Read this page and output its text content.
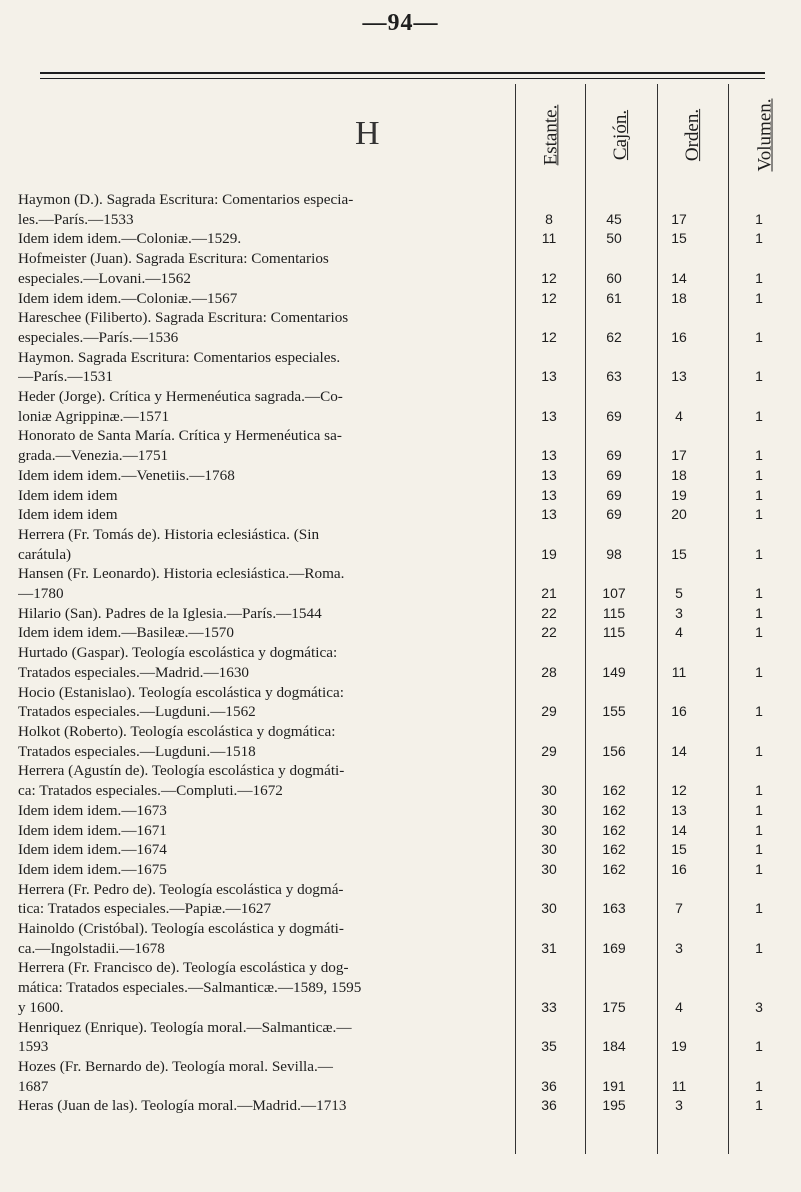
—94—
H	Estante.	Cajón.	Orden.	Volumen.
Haymon (D.). Sagrada Escritura: Comentarios especia-
les.—París.—1533	8	45	17	1
Idem idem idem.—Coloniæ.—1529.	11	50	15	1
Hofmeister (Juan). Sagrada Escritura: Comentarios
especiales.—Lovani.—1562	12	60	14	1
Idem idem idem.—Coloniæ.—1567	12	61	18	1
Hareschee (Filiberto). Sagrada Escritura: Comentarios
especiales.—París.—1536	12	62	16	1
Haymon. Sagrada Escritura: Comentarios especiales.
—París.—1531	13	63	13	1
Heder (Jorge). Crítica y Hermenéutica sagrada.—Co-
loniæ Agrippinæ.—1571	13	69	4	1
Honorato de Santa María. Crítica y Hermenéutica sa-
grada.—Venezia.—1751	13	69	17	1
Idem idem idem.—Venetiis.—1768	13	69	18	1
Idem idem idem	13	69	19	1
Idem idem idem	13	69	20	1
Herrera (Fr. Tomás de). Historia eclesiástica. (Sin
carátula)	19	98	15	1
Hansen (Fr. Leonardo). Historia eclesiástica.—Roma.
—1780	21	107	5	1
Hilario (San). Padres de la Iglesia.—París.—1544	22	115	3	1
Idem idem idem.—Basileæ.—1570	22	115	4	1
Hurtado (Gaspar). Teología escolástica y dogmática:
Tratados especiales.—Madrid.—1630	28	149	11	1
Hocio (Estanislao). Teología escolástica y dogmática:
Tratados especiales.—Lugduni.—1562	29	155	16	1
Holkot (Roberto). Teología escolástica y dogmática:
Tratados especiales.—Lugduni.—1518	29	156	14	1
Herrera (Agustín de). Teología escolástica y dogmáti-
ca: Tratados especiales.—Compluti.—1672	30	162	12	1
Idem idem idem.—1673	30	162	13	1
Idem idem idem.—1671	30	162	14	1
Idem idem idem.—1674	30	162	15	1
Idem idem idem.—1675	30	162	16	1
Herrera (Fr. Pedro de). Teología escolástica y dogmá-
tica: Tratados especiales.—Papiæ.—1627	30	163	7	1
Hainoldo (Cristóbal). Teología escolástica y dogmáti-
ca.—Ingolstadii.—1678	31	169	3	1
Herrera (Fr. Francisco de). Teología escolástica y dog-
mática: Tratados especiales.—Salmanticæ.—1589, 1595
y 1600.	33	175	4	3
Henriquez (Enrique). Teología moral.—Salmanticæ.—
1593	35	184	19	1
Hozes (Fr. Bernardo de). Teología moral. Sevilla.—
1687	36	191	11	1
Heras (Juan de las). Teología moral.—Madrid.—1713	36	195	3	1
